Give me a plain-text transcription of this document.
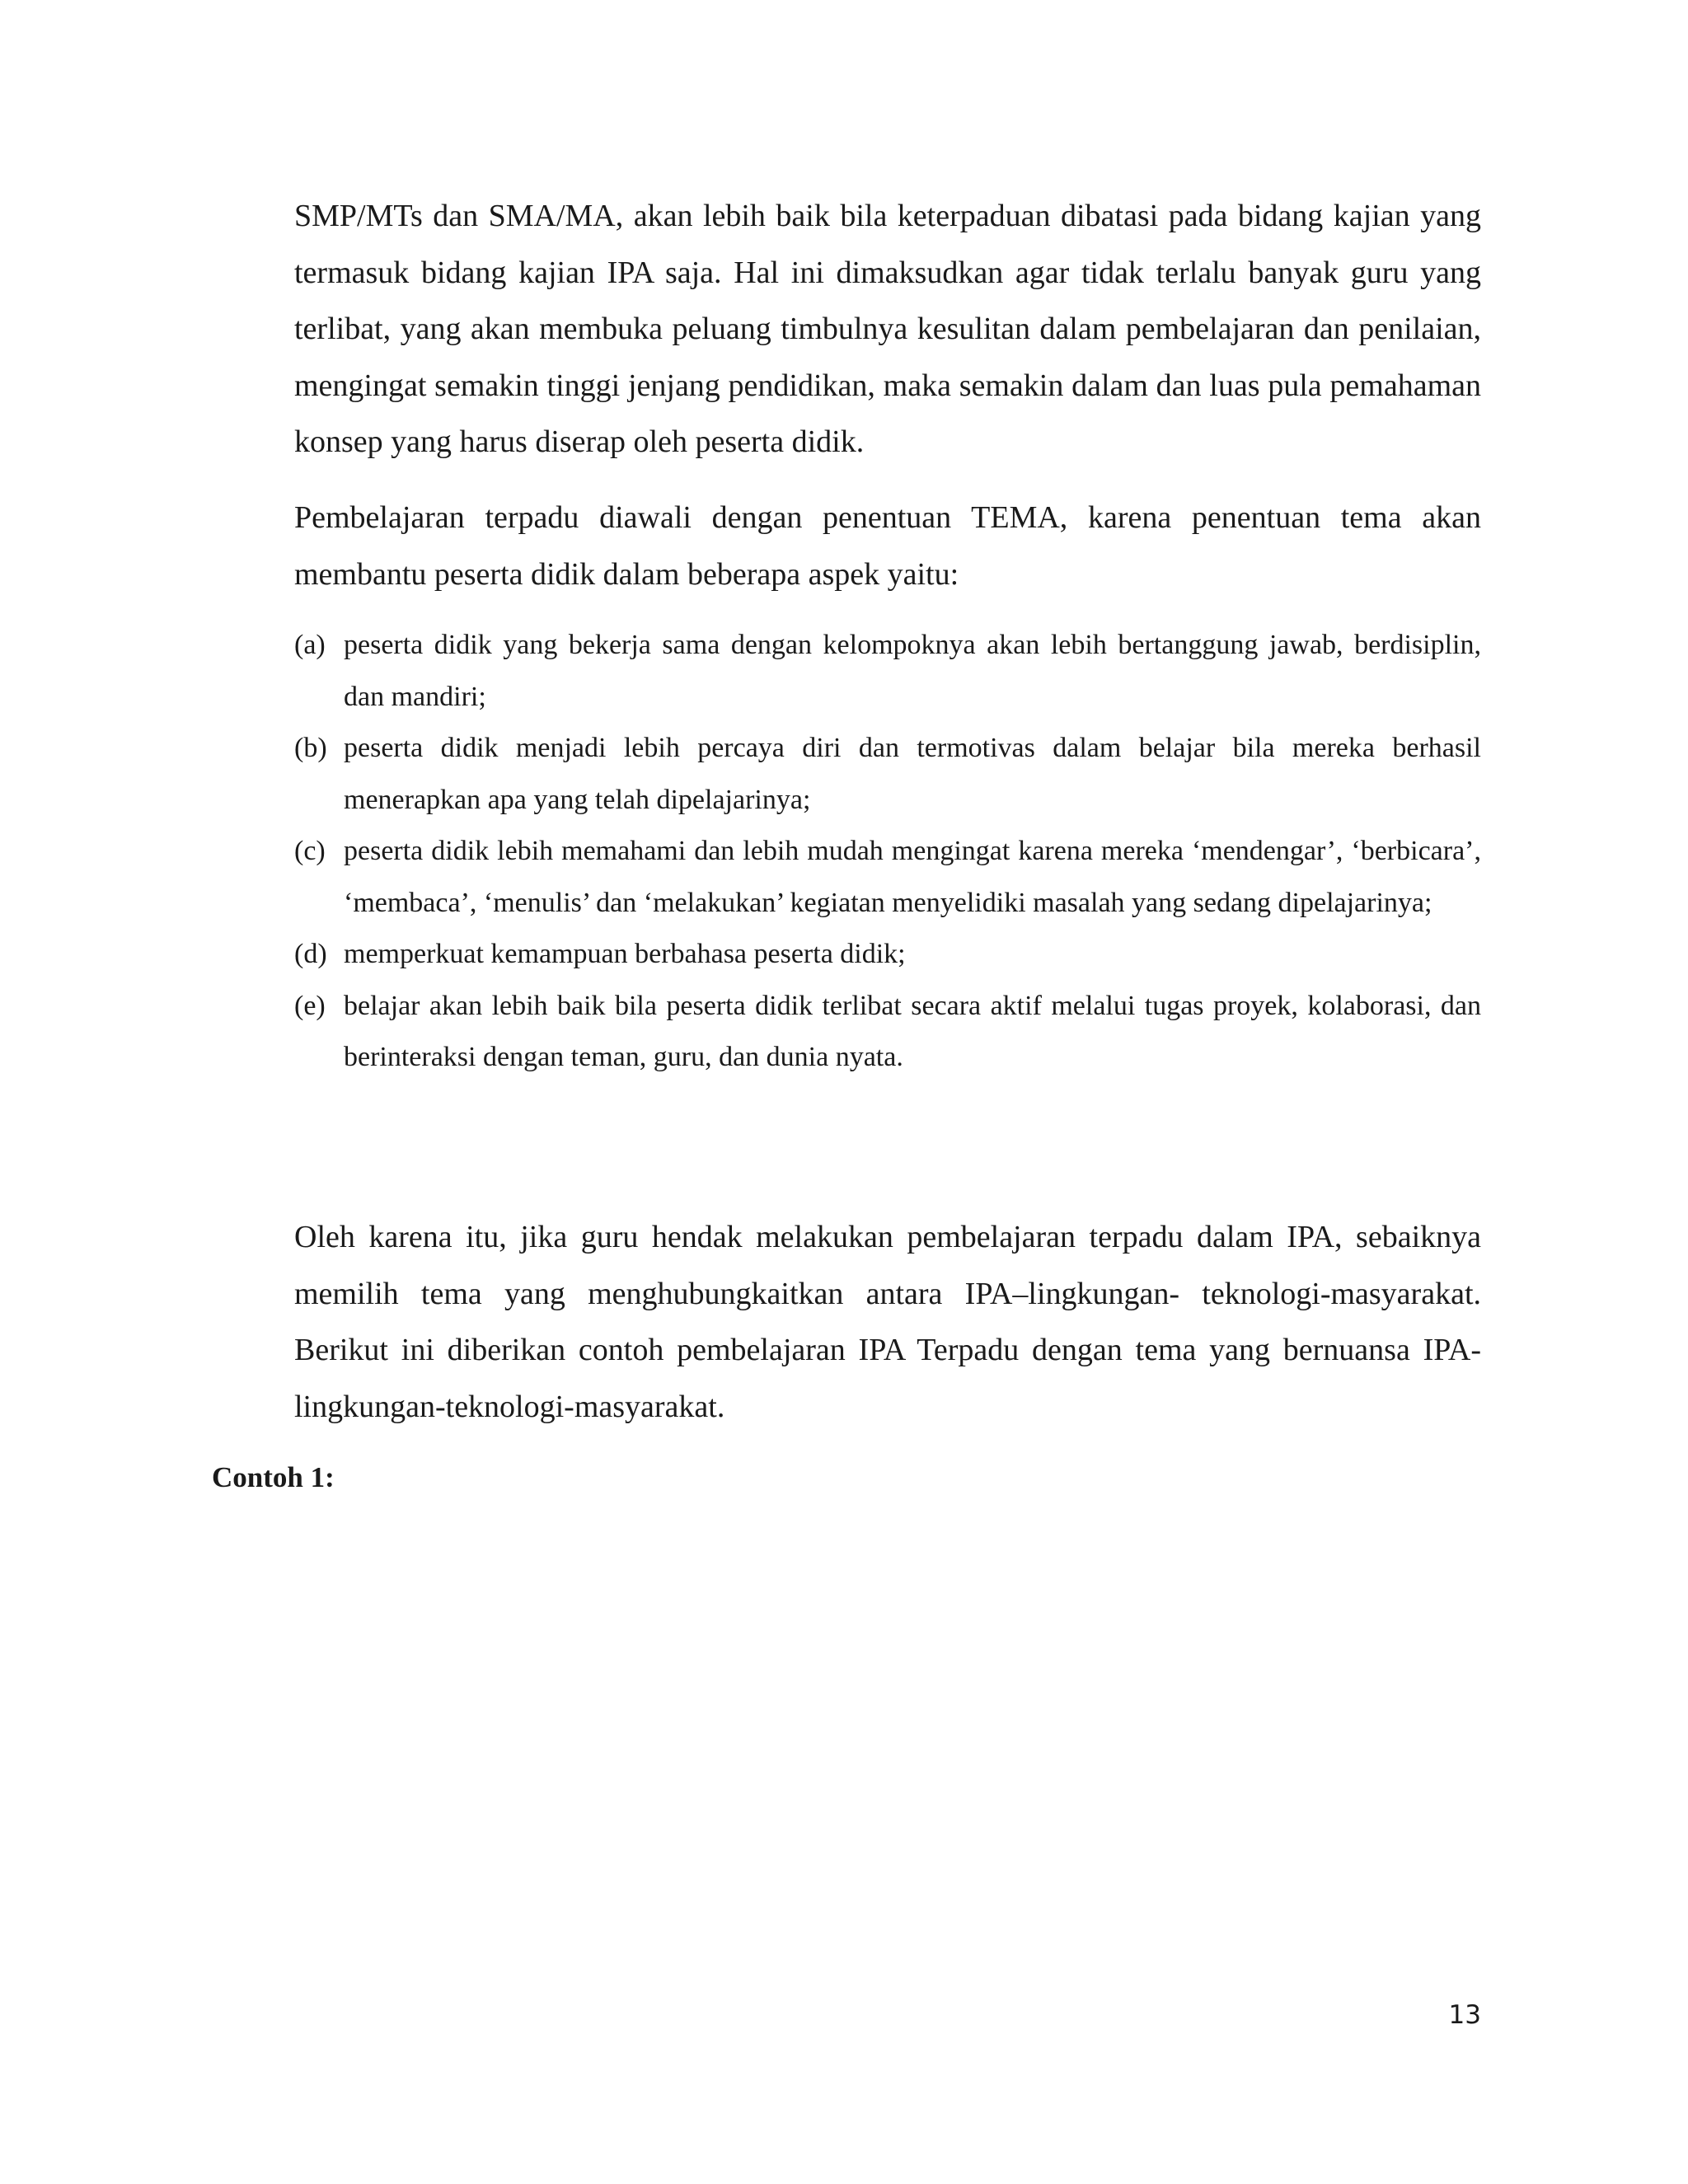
SMP/MTs dan SMA/MA, akan lebih baik bila keterpaduan dibatasi pada bidang kajian yang termasuk bidang kajian IPA saja. Hal ini dimaksudkan agar tidak terlalu banyak guru yang terlibat, yang akan membuka peluang timbulnya kesulitan dalam pembelajaran dan penilaian, mengingat semakin tinggi jenjang pendidikan, maka semakin dalam dan luas pula pemahaman konsep yang harus diserap oleh peserta didik.

Pembelajaran terpadu diawali dengan penentuan TEMA, karena penentuan tema akan membantu peserta didik dalam beberapa aspek yaitu:

(a) peserta didik yang bekerja sama dengan kelompoknya akan lebih bertanggung jawab, berdisiplin, dan mandiri;
(b) peserta didik menjadi lebih percaya diri dan termotivas dalam belajar bila mereka berhasil menerapkan apa yang telah dipelajarinya;
(c) peserta didik lebih memahami dan lebih mudah mengingat karena mereka ‘mendengar’, ‘berbicara’, ‘membaca’, ‘menulis’ dan ‘melakukan’ kegiatan menyelidiki masalah yang sedang dipelajarinya;
(d) memperkuat kemampuan berbahasa peserta didik;
(e) belajar akan lebih baik bila peserta didik terlibat secara aktif melalui tugas proyek, kolaborasi, dan berinteraksi dengan teman, guru, dan dunia nyata.

Oleh karena itu, jika guru hendak melakukan pembelajaran terpadu dalam IPA, sebaiknya memilih tema yang menghubungkaitkan antara IPA–lingkungan- teknologi-masyarakat. Berikut ini diberikan contoh pembelajaran IPA Terpadu dengan tema yang bernuansa IPA-lingkungan-teknologi-masyarakat.

Contoh 1:

13
